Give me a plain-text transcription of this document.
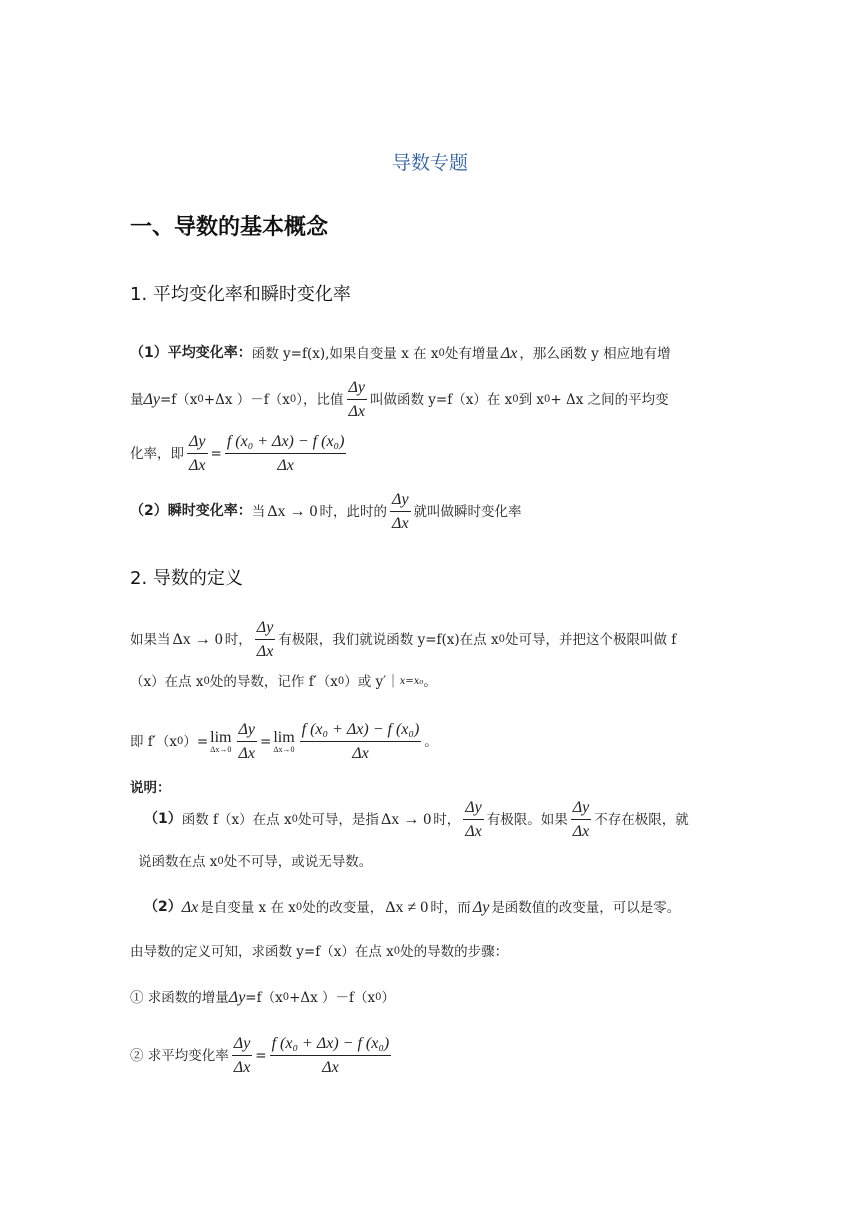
导数专题
一、导数的基本概念
1. 平均变化率和瞬时变化率
（1）平均变化率： 函数 y=f(x),如果自变量 x 在 x 0 处有增量 Δx ，那么函数 y 相应地有增
量 Δy =f（x 0 +Δx ）－f（x 0 ），比值 $\frac{\Delta y}{\Delta x}$ 叫做函数 y=f（x）在 x 0 到 x 0 + Δx 之间的平均变
化率，即 $\frac{\Delta y}{\Delta x} = \frac{\text{f (x₀ + Δx) − f (x₀)}}{\Delta x}$
（2）瞬时变化率： 当 Δx → 0 时，此时的 $\frac{\Delta y}{\Delta x}$ 就叫做瞬时变化率
2. 导数的定义
如果当 Δx → 0 时， $\frac{\Delta y}{\Delta x}$ 有极限，我们就说函数 y=f(x)在点 x 0 处可导，并把这个极限叫做 f
（x）在点 x 0 处的导数，记作 f′（x 0 ）或 y′｜ x=x₀ 。
即 f′（x 0 ）= lim
$\Delta x\to 0 \frac{\Delta y}{\Delta x} = \lim$
$\Delta x\to 0 \frac{\text{f (x₀ + Δx) − f (x₀)}}{\Delta x}$ 。
说明：
（1） 函数 f（x）在点 x 0 处可导，是指 Δx → 0 时， $\frac{\Delta y}{\Delta x}$ 有极限。如果 $\frac{\Delta y}{\Delta x}$ 不存在极限，就
说函数在点 x 0 处不可导，或说无导数。
（2） Δx 是自变量 x 在 x 0 处的改变量， Δx ≠ 0 时，而 Δy 是函数值的改变量，可以是零。
由导数的定义可知，求函数 y=f（x）在点 x 0 处的导数的步骤：
① 求函数的增量 Δy =f（x 0 +Δx ）－f（x 0 ）
② 求平均变化率 $\frac{\Delta y}{\Delta x} = \frac{\text{f (x₀ + Δx) − f (x₀)}}{\Delta x}$
